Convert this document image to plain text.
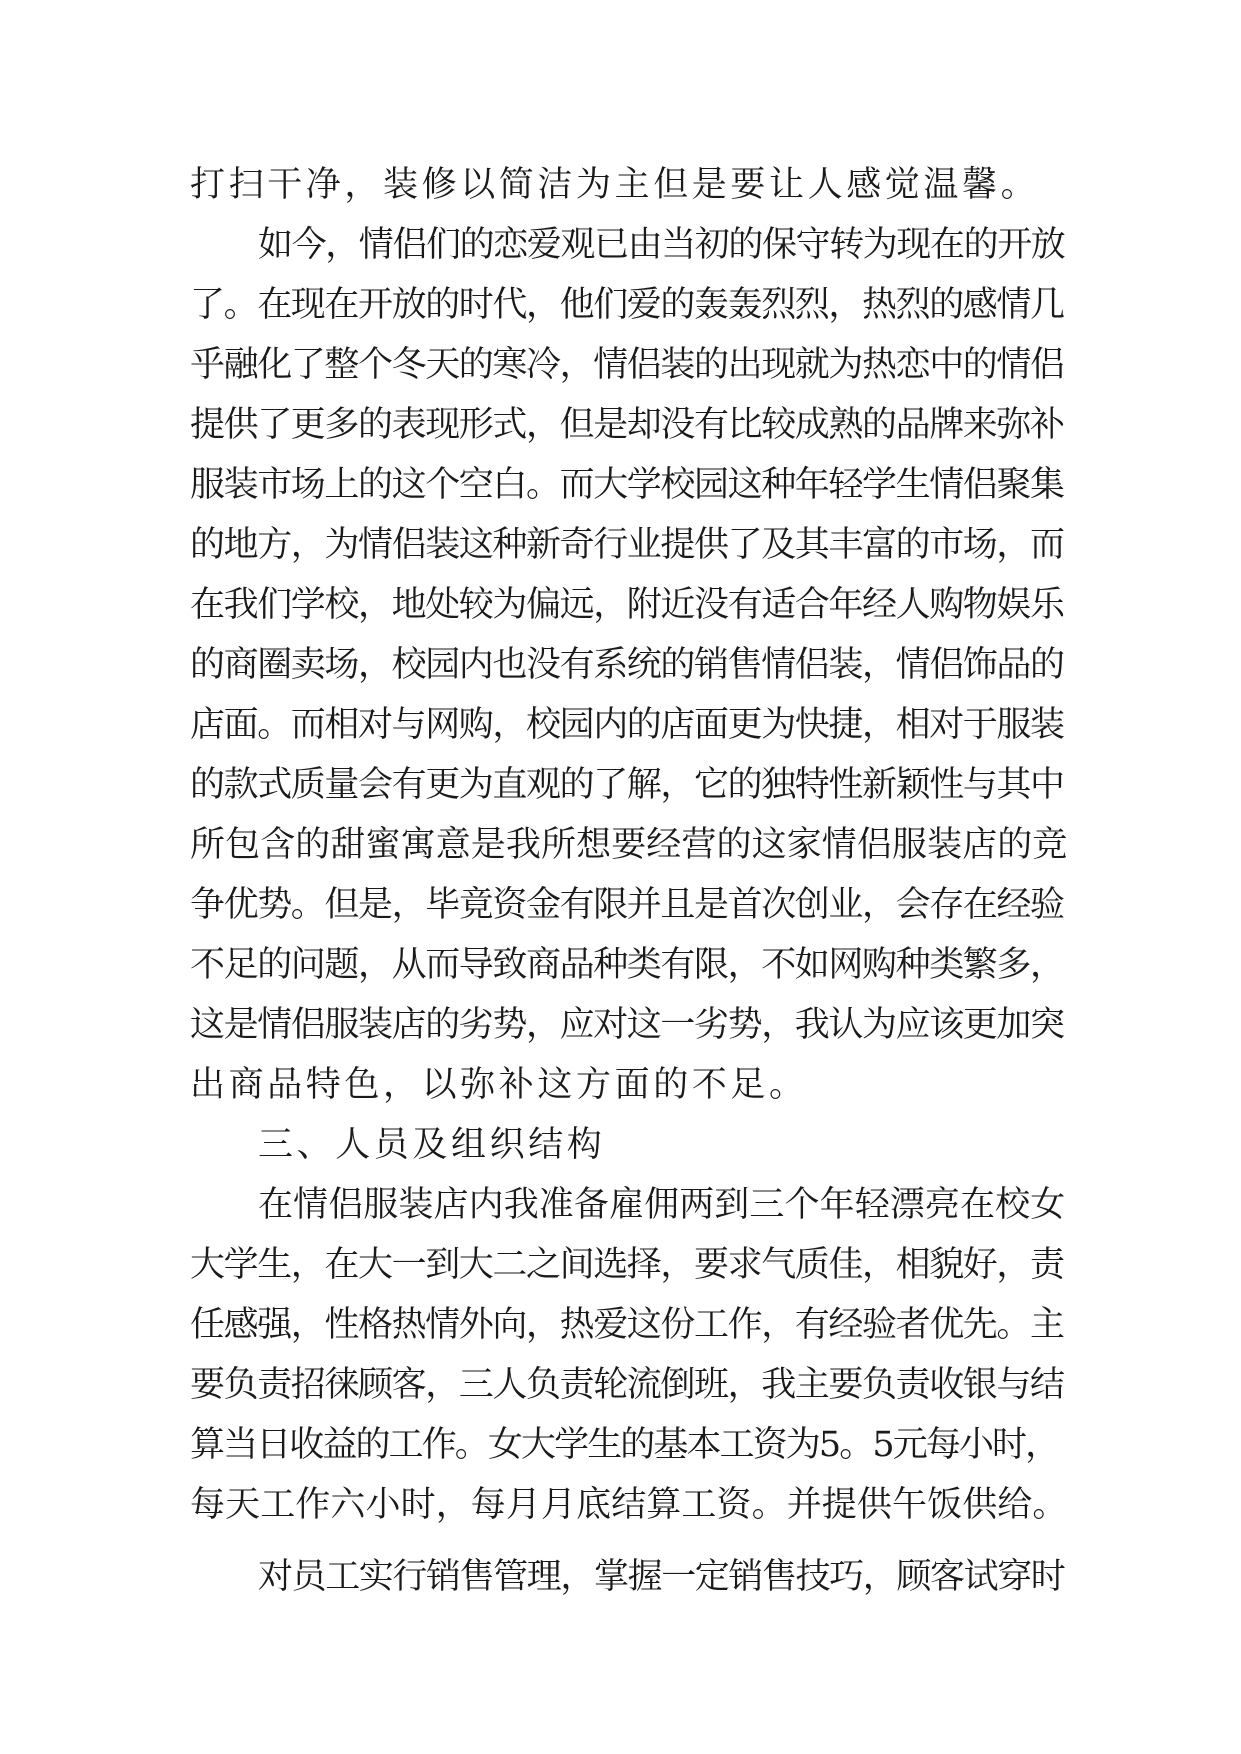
打扫干净，装修以简洁为主但是要让人感觉温馨。
如今，情侣们的恋爱观已由当初的保守转为现在的开放
了。在现在开放的时代，他们爱的轰轰烈烈，热烈的感情几
乎融化了整个冬天的寒冷，情侣装的出现就为热恋中的情侣
提供了更多的表现形式，但是却没有比较成熟的品牌来弥补
服装市场上的这个空白。而大学校园这种年轻学生情侣聚集
的地方，为情侣装这种新奇行业提供了及其丰富的市场，而
在我们学校，地处较为偏远，附近没有适合年经人购物娱乐
的商圈卖场，校园内也没有系统的销售情侣装，情侣饰品的
店面。而相对与网购，校园内的店面更为快捷，相对于服装
的款式质量会有更为直观的了解，它的独特性新颖性与其中
所包含的甜蜜寓意是我所想要经营的这家情侣服装店的竞
争优势。但是，毕竟资金有限并且是首次创业，会存在经验
不足的问题，从而导致商品种类有限，不如网购种类繁多，
这是情侣服装店的劣势，应对这一劣势，我认为应该更加突
出商品特色，以弥补这方面的不足。
三、人员及组织结构
在情侣服装店内我准备雇佣两到三个年轻漂亮在校女
大学生，在大一到大二之间选择，要求气质佳，相貌好，责
任感强，性格热情外向，热爱这份工作，有经验者优先。主
要负责招徕顾客，三人负责轮流倒班，我主要负责收银与结
算当日收益的工作。女大学生的基本工资为5。5元每小时，
每天工作六小时，每月月底结算工资。并提供午饭供给。
对员工实行销售管理，掌握一定销售技巧，顾客试穿时
